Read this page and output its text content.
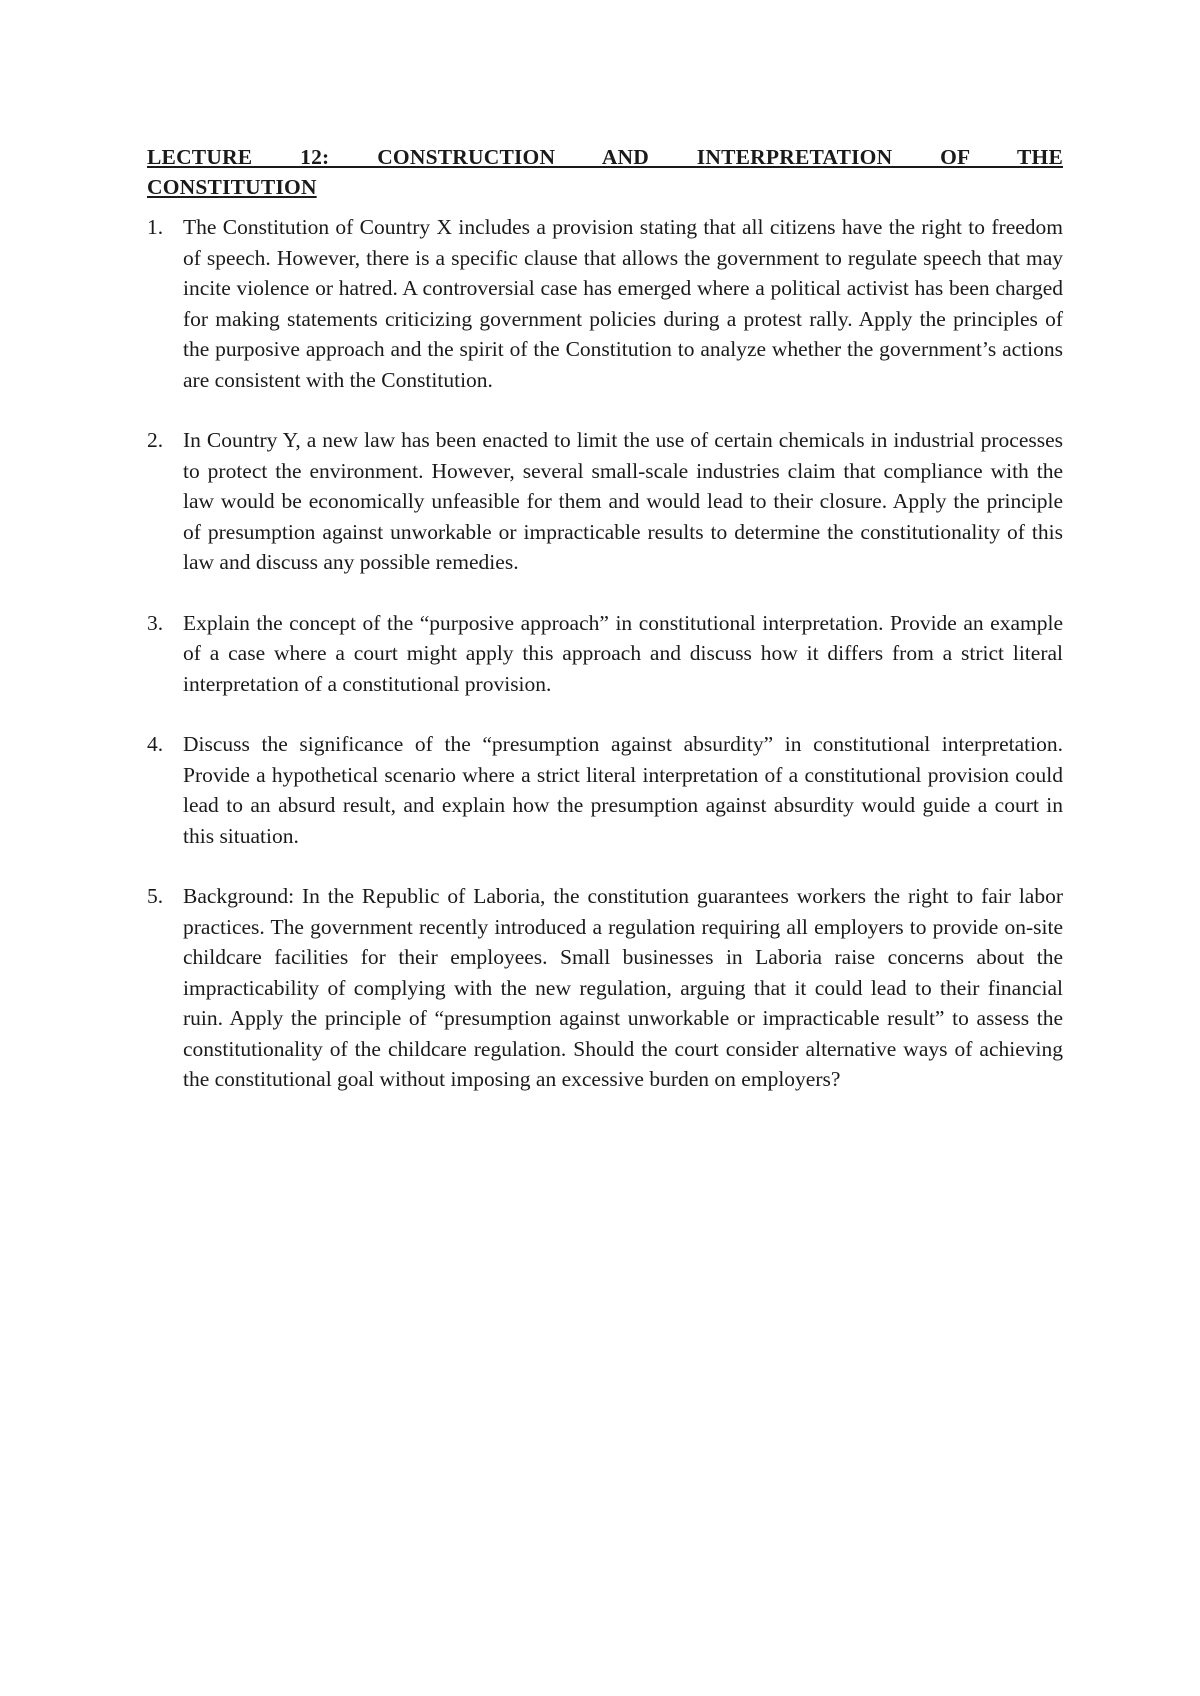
LECTURE 12: CONSTRUCTION AND INTERPRETATION OF THE
CONSTITUTION
1. The Constitution of Country X includes a provision stating that all citizens have the right to freedom of speech. However, there is a specific clause that allows the government to regulate speech that may incite violence or hatred. A controversial case has emerged where a political activist has been charged for making statements criticizing government policies during a protest rally. Apply the principles of the purposive approach and the spirit of the Constitution to analyze whether the government’s actions are consistent with the Constitution.
2. In Country Y, a new law has been enacted to limit the use of certain chemicals in industrial processes to protect the environment. However, several small-scale industries claim that compliance with the law would be economically unfeasible for them and would lead to their closure. Apply the principle of presumption against unworkable or impracticable results to determine the constitutionality of this law and discuss any possible remedies.
3. Explain the concept of the “purposive approach” in constitutional interpretation. Provide an example of a case where a court might apply this approach and discuss how it differs from a strict literal interpretation of a constitutional provision.
4. Discuss the significance of the “presumption against absurdity” in constitutional interpretation. Provide a hypothetical scenario where a strict literal interpretation of a constitutional provision could lead to an absurd result, and explain how the presumption against absurdity would guide a court in this situation.
5. Background: In the Republic of Laboria, the constitution guarantees workers the right to fair labor practices. The government recently introduced a regulation requiring all employers to provide on-site childcare facilities for their employees. Small businesses in Laboria raise concerns about the impracticability of complying with the new regulation, arguing that it could lead to their financial ruin. Apply the principle of “presumption against unworkable or impracticable result” to assess the constitutionality of the childcare regulation. Should the court consider alternative ways of achieving the constitutional goal without imposing an excessive burden on employers?
